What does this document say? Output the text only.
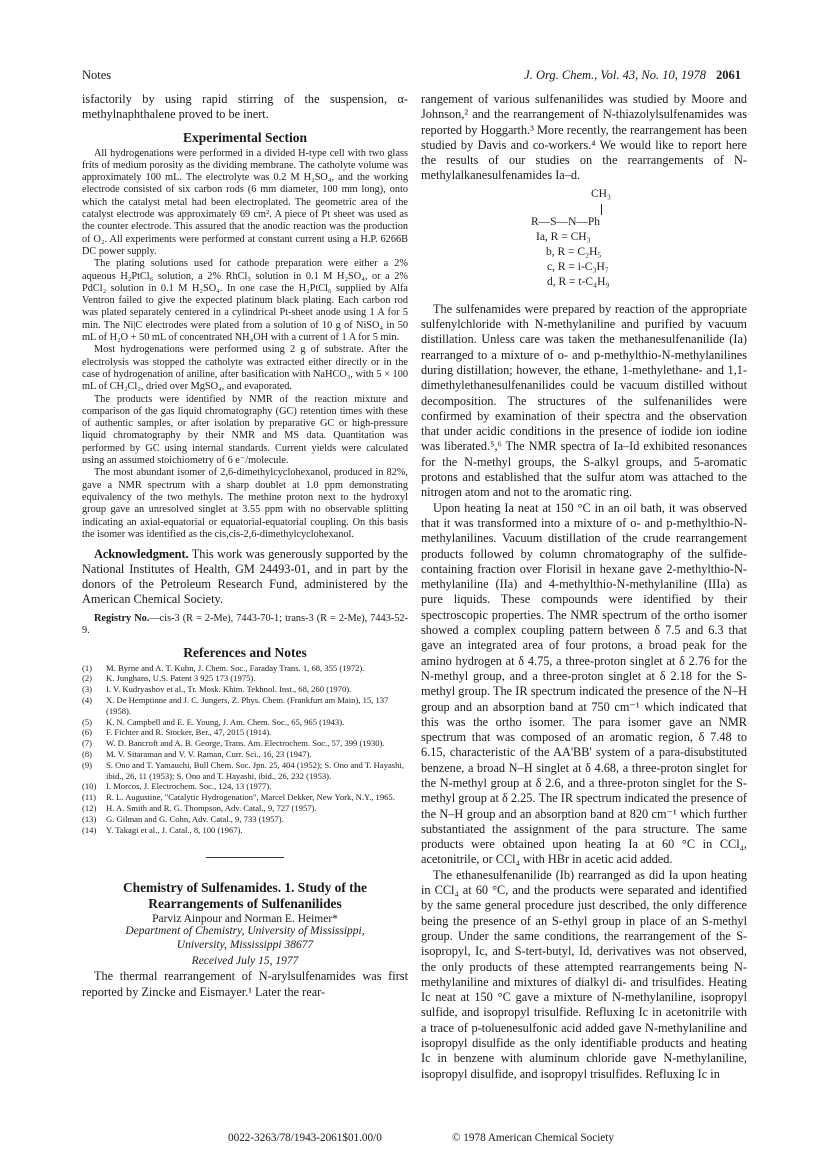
Notes	J. Org. Chem., Vol. 43, No. 10, 1978 2061

isfactorily by using rapid stirring of the suspension, α-methylnaphthalene proved to be inert.

Experimental Section

All hydrogenations were performed in a divided H-type cell with two glass frits of medium porosity as the dividing membrane. The catholyte volume was approximately 100 mL. The electrolyte was 0.2 M H₂SO₄, and the working electrode consisted of six carbon rods (6 mm diameter, 100 mm long), onto which the catalyst metal had been electroplated. The geometric area of the catalyst electrode was approximately 69 cm². A piece of Pt sheet was used as the counter electrode. This assured that the anodic reaction was the production of O₂. All experiments were performed at constant current using a H.P. 6266B DC power supply.

The plating solutions used for cathode preparation were either a 2% aqueous H₂PtCl₆ solution, a 2% RhCl₃ solution in 0.1 M H₂SO₄, or a 2% PdCl₂ solution in 0.1 M H₂SO₄. In one case the H₂PtCl₆ supplied by Alfa Ventron failed to give the expected platinum black plating. Each carbon rod was plated separately centered in a cylindrical Pt-sheet anode using 1 A for 5 min. The Ni|C electrodes were plated from a solution of 10 g of NiSO₄ in 50 mL of H₂O + 50 mL of concentrated NH₄OH with a current of 1 A for 5 min.

Most hydrogenations were performed using 2 g of substrate. After the electrolysis was stopped the catholyte was extracted either directly or in the case of hydrogenation of aniline, after basification with NaHCO₃, with 5 × 100 mL of CH₂Cl₂, dried over MgSO₄, and evaporated.

The products were identified by NMR of the reaction mixture and comparison of the gas liquid chromatography (GC) retention times with these of authentic samples, or after isolation by preparative GC or high-pressure liquid chromatography by their NMR and MS data. Quantitation was performed by GC using internal standards. Current yields were calculated using an assumed stoichiometry of 6 e⁻/molecule.

The most abundant isomer of 2,6-dimethylcyclohexanol, produced in 82%, gave a NMR spectrum with a sharp doublet at 1.0 ppm demonstrating equivalency of the two methyls. The methine proton next to the hydroxyl group gave an unresolved singlet at 3.55 ppm with no observable splitting indicating an axial-equatorial or equatorial-equatorial coupling. On this basis the isomer was identified as the cis,cis-2,6-dimethylcyclohexanol.

Acknowledgment. This work was generously supported by the National Institutes of Health, GM 24493-01, and in part by the donors of the Petroleum Research Fund, administered by the American Chemical Society.

Registry No.—cis-3 (R = 2-Me), 7443-70-1; trans-3 (R = 2-Me), 7443-52-9.

References and Notes
(1) M. Byrne and A. T. Kuhn, J. Chem. Soc., Faraday Trans. 1, 68, 355 (1972).
(2) K. Junghans, U.S. Patent 3 925 173 (1975).
(3) I. V. Kudryashov et al., Tr. Mosk. Khim. Tekhnol. Inst., 68, 260 (1970).
(4) X. De Hemptinne and J. C. Jungers, Z. Phys. Chem. (Frankfurt am Main), 15, 137 (1958).
(5) K. N. Campbell and E. E. Young, J. Am. Chem. Soc., 65, 965 (1943).
(6) F. Fichter and R. Stocker, Ber., 47, 2015 (1914).
(7) W. D. Bancroft and A. B. George, Trans. Am. Electrochem. Soc., 57, 399 (1930).
(8) M. V. Sitaraman and V. V. Raman, Curr. Sci., 16, 23 (1947).
(9) S. Ono and T. Yamauchi, Bull Chem. Soc. Jpn. 25, 404 (1952); S. Ono and T. Hayashi, ibid., 26, 11 (1953); S. Ono and T. Hayashi, ibid., 26, 232 (1953).
(10) I. Morcos, J. Electrochem. Soc., 124, 13 (1977).
(11) R. L. Augustine, "Catalytic Hydrogenation", Marcel Dekker, New York, N.Y., 1965.
(12) H. A. Smith and R. G. Thompson, Adv. Catal., 9, 727 (1957).
(13) G. Gilman and G. Cohn, Adv. Catal., 9, 733 (1957).
(14) Y. Takagi et al., J. Catal., 8, 100 (1967).
Chemistry of Sulfenamides. 1. Study of the
Rearrangements of Sulfenanilides
Parviz Ainpour and Norman E. Heimer*
Department of Chemistry, University of Mississippi,
University, Mississippi 38677
Received July 15, 1977

The thermal rearrangement of N-arylsulfenamides was first reported by Zincke and Eismayer.¹ Later the rear-

rangement of various sulfenanilides was studied by Moore and Johnson,² and the rearrangement of N-thiazolylsulfenamides was reported by Hoggarth.³ More recently, the rearrangement has been studied by Davis and co-workers.⁴ We would like to report here the results of our studies on the rearrangements of N-methylalkanesulfenamides Ia–d.

CH₃
R—S—N—Ph
Ia, R = CH₃
b, R = C₂H₅
c, R = i-C₃H₇
d, R = t-C₄H₉

The sulfenamides were prepared by reaction of the appropriate sulfenylchloride with N-methylaniline and purified by vacuum distillation. Unless care was taken the methanesulfenanilide (Ia) rearranged to a mixture of o- and p-methylthio-N-methylanilines during distillation; however, the ethane, 1-methylethane- and 1,1-dimethylethanesulfenanilides could be vacuum distilled without decomposition. The structures of the sulfenanilides were confirmed by examination of their spectra and the observation that under acidic conditions in the presence of iodide ion iodine was liberated.⁵,⁶ The NMR spectra of Ia–Id exhibited resonances for the N-methyl groups, the S-alkyl groups, and 5-aromatic protons and established that the sulfur atom was attached to the nitrogen atom and not to the aromatic ring.

Upon heating Ia neat at 150 °C in an oil bath, it was observed that it was transformed into a mixture of o- and p-methylthio-N-methylanilines. Vacuum distillation of the crude rearrangement products followed by column chromatography of the sulfide-containing fraction over Florisil in hexane gave 2-methylthio-N-methylaniline (IIa) and 4-methylthio-N-methylaniline (IIIa) as pure liquids. These compounds were identified by their spectroscopic properties. The NMR spectrum of the ortho isomer showed a complex coupling pattern between δ 7.5 and 6.3 that gave an integrated area of four protons, a broad peak for the amino hydrogen at δ 4.75, a three-proton singlet at δ 2.76 for the N-methyl group, and a three-proton singlet at δ 2.18 for the S-methyl group. The IR spectrum indicated the presence of the N–H group and an absorption band at 750 cm⁻¹ which indicated that this was the ortho isomer. The para isomer gave an NMR spectrum that was composed of an aromatic region, δ 7.48 to 6.15, characteristic of the AA'BB' system of a para-disubstituted benzene, a broad N–H singlet at δ 4.68, a three-proton singlet for the N-methyl group at δ 2.6, and a three-proton singlet for the S-methyl group at δ 2.25. The IR spectrum indicated the presence of the N–H group and an absorption band at 820 cm⁻¹ which further substantiated the assignment of the para structure. The same products were obtained upon heating Ia at 60 °C in CCl₄, acetonitrile, or CCl₄ with HBr in acetic acid added.

The ethanesulfenanilide (Ib) rearranged as did Ia upon heating in CCl₄ at 60 °C, and the products were separated and identified by the same general procedure just described, the only difference being the presence of an S-ethyl group in place of an S-methyl group. Under the same conditions, the rearrangement of the S-isopropyl, Ic, and S-tert-butyl, Id, derivatives was not observed, the only products of these attempted rearrangements being N-methylaniline and mixtures of dialkyl di- and trisulfides. Heating Ic neat at 150 °C gave a mixture of N-methylaniline, isopropyl sulfide, and isopropyl trisulfide. Refluxing Ic in acetonitrile with a trace of p-toluenesulfonic acid added gave N-methylaniline and isopropyl disulfide as the only identifiable products and heating Ic in benzene with aluminum chloride gave N-methylaniline, isopropyl disulfide, and isopropyl trisulfides. Refluxing Ic in

0022-3263/78/1943-2061$01.00/0	© 1978 American Chemical Society
